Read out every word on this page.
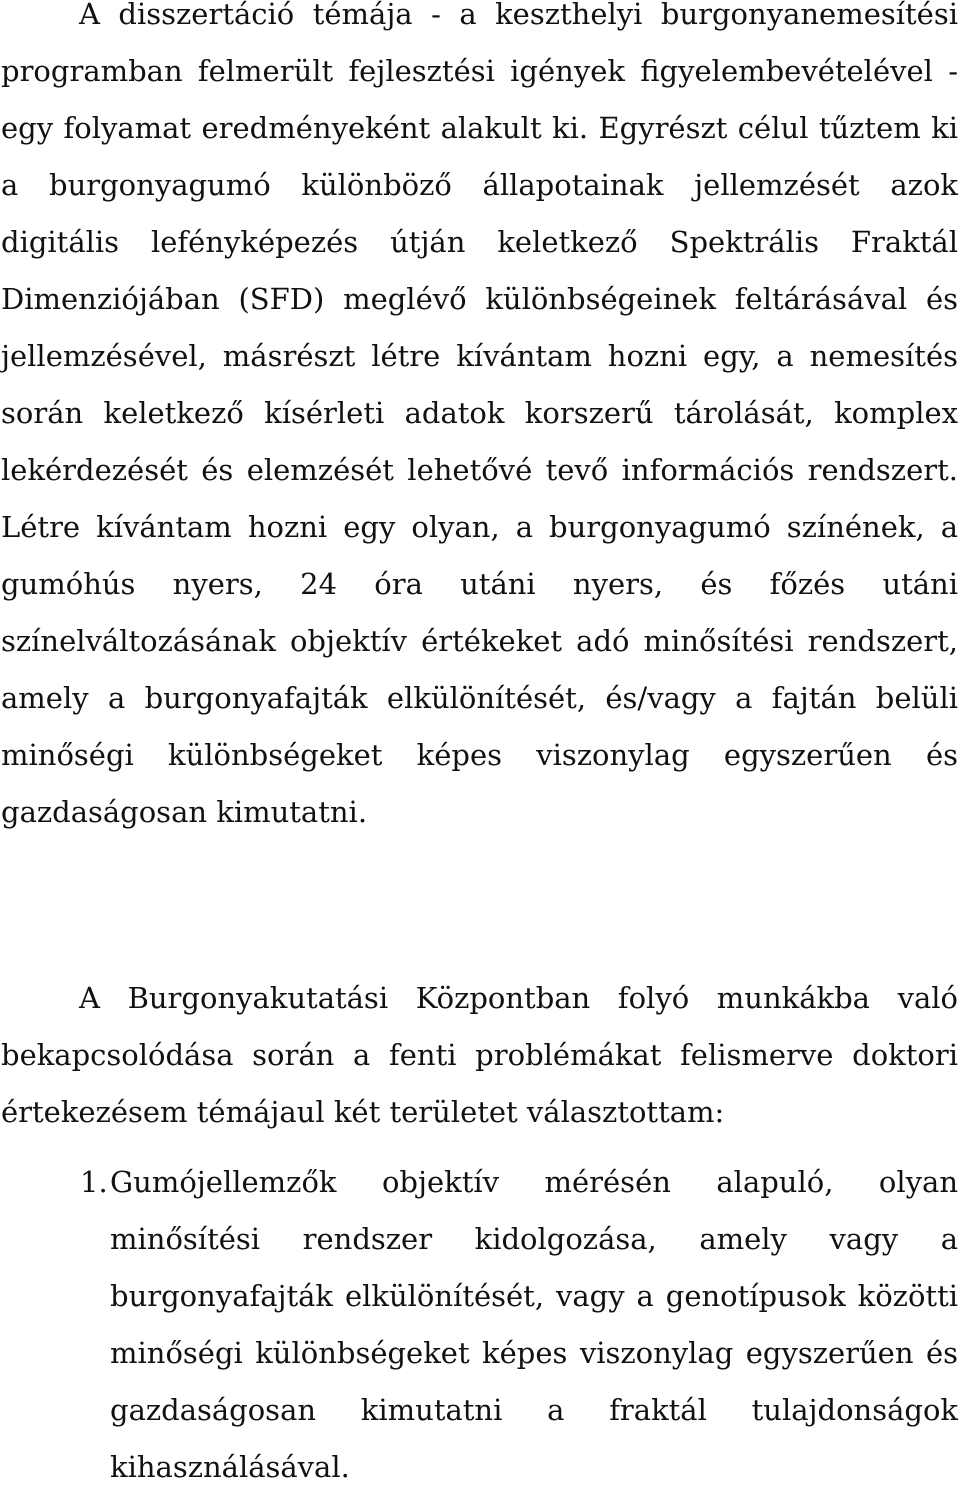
A disszertáció témája - a keszthelyi burgonyanemesítési programban felmerült fejlesztési igények figyelembevételével - egy folyamat eredményeként alakult ki. Egyrészt célul tűztem ki a burgonyagumó különböző állapotainak jellemzését azok digitális lefényképezés útján keletkező Spektrális Fraktál Dimenziójában (SFD) meglévő különbségeinek feltárásával és jellemzésével, másrészt létre kívántam hozni egy, a nemesítés során keletkező kísérleti adatok korszerű tárolását, komplex lekérdezését és elemzését lehetővé tevő információs rendszert. Létre kívántam hozni egy olyan, a burgonyagumó színének, a gumóhús nyers, 24 óra utáni nyers, és főzés utáni színelváltozásának objektív értékeket adó minősítési rendszert, amely a burgonyafajták elkülönítését, és/vagy a fajtán belüli minőségi különbségeket képes viszonylag egyszerűen és gazdaságosan kimutatni.

A Burgonyakutatási Központban folyó munkákba való bekapcsolódása során a fenti problémákat felismerve doktori értekezésem témájaul két területet választottam:

1. Gumójellemzők objektív mérésén alapuló, olyan minősítési rendszer kidolgozása, amely vagy a burgonyafajták elkülönítését, vagy a genotípusok közötti minőségi különbségeket képes viszonylag egyszerűen és gazdaságosan kimutatni a fraktál tulajdonságok kihasználásával.
